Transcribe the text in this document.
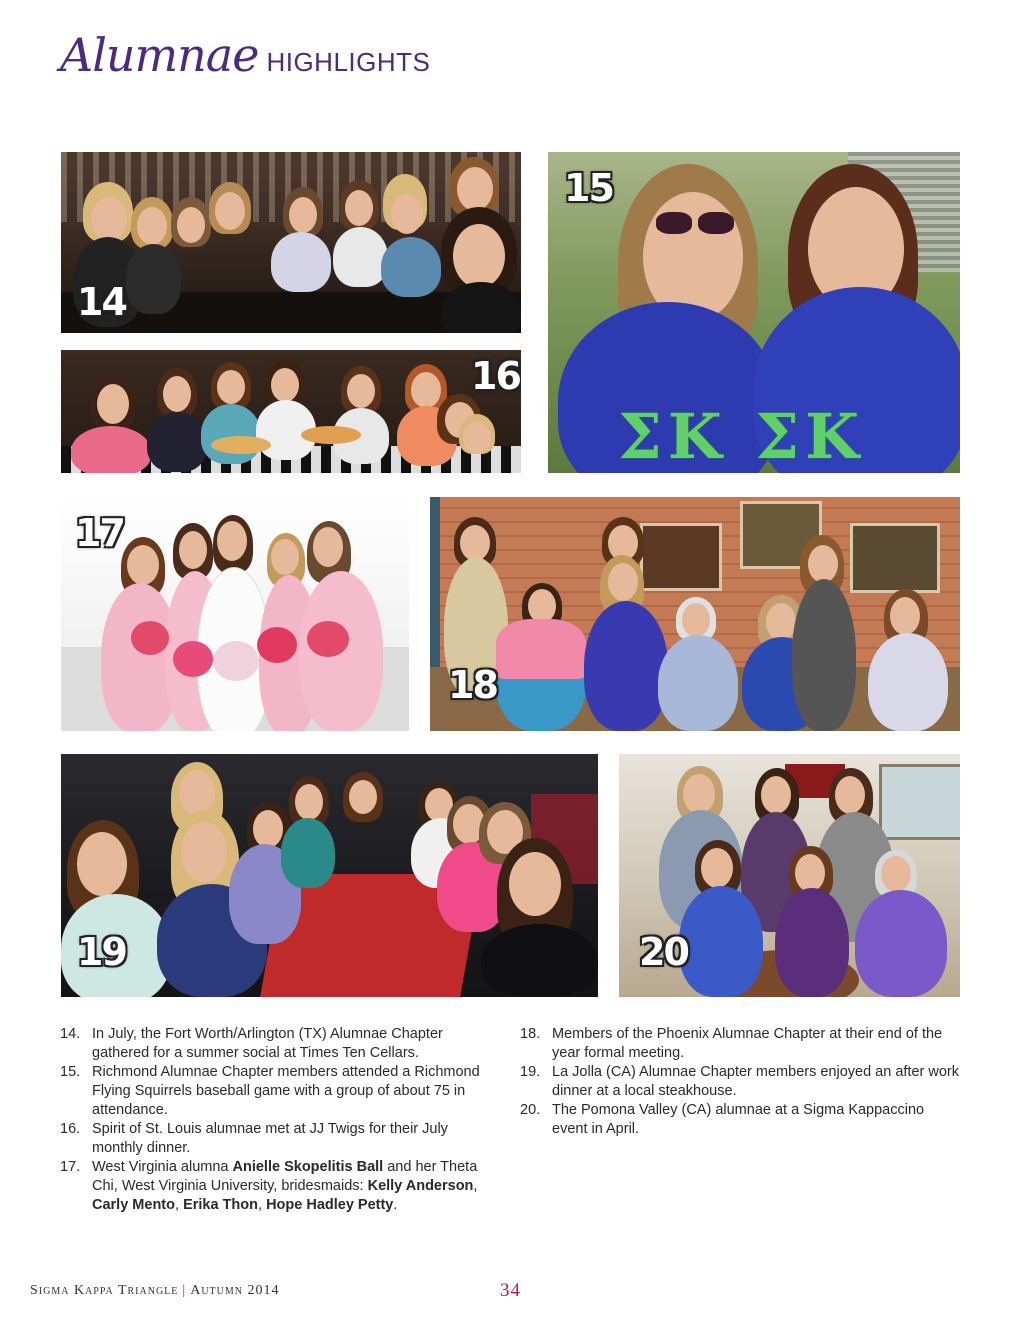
Alumnae HIGHLIGHTS
14
ΣΚ ΣΚ
15
16
17
18
19	20
14. In July, the Fort Worth/Arlington (TX) Alumnae Chapter gathered for a summer social at Times Ten Cellars.
15. Richmond Alumnae Chapter members attended a Richmond Flying Squirrels baseball game with a group of about 75 in attendance.
16. Spirit of St. Louis alumnae met at JJ Twigs for their July monthly dinner.
17. West Virginia alumna Anielle Skopelitis Ball and her Theta Chi, West Virginia University, bridesmaids: Kelly Anderson, Carly Mento, Erika Thon, Hope Hadley Petty.
18. Members of the Phoenix Alumnae Chapter at their end of the year formal meeting.
19. La Jolla (CA) Alumnae Chapter members enjoyed an after work dinner at a local steakhouse.
20. The Pomona Valley (CA) alumnae at a Sigma Kappaccino event in April.
Sigma Kappa Triangle | Autumn 2014	34
